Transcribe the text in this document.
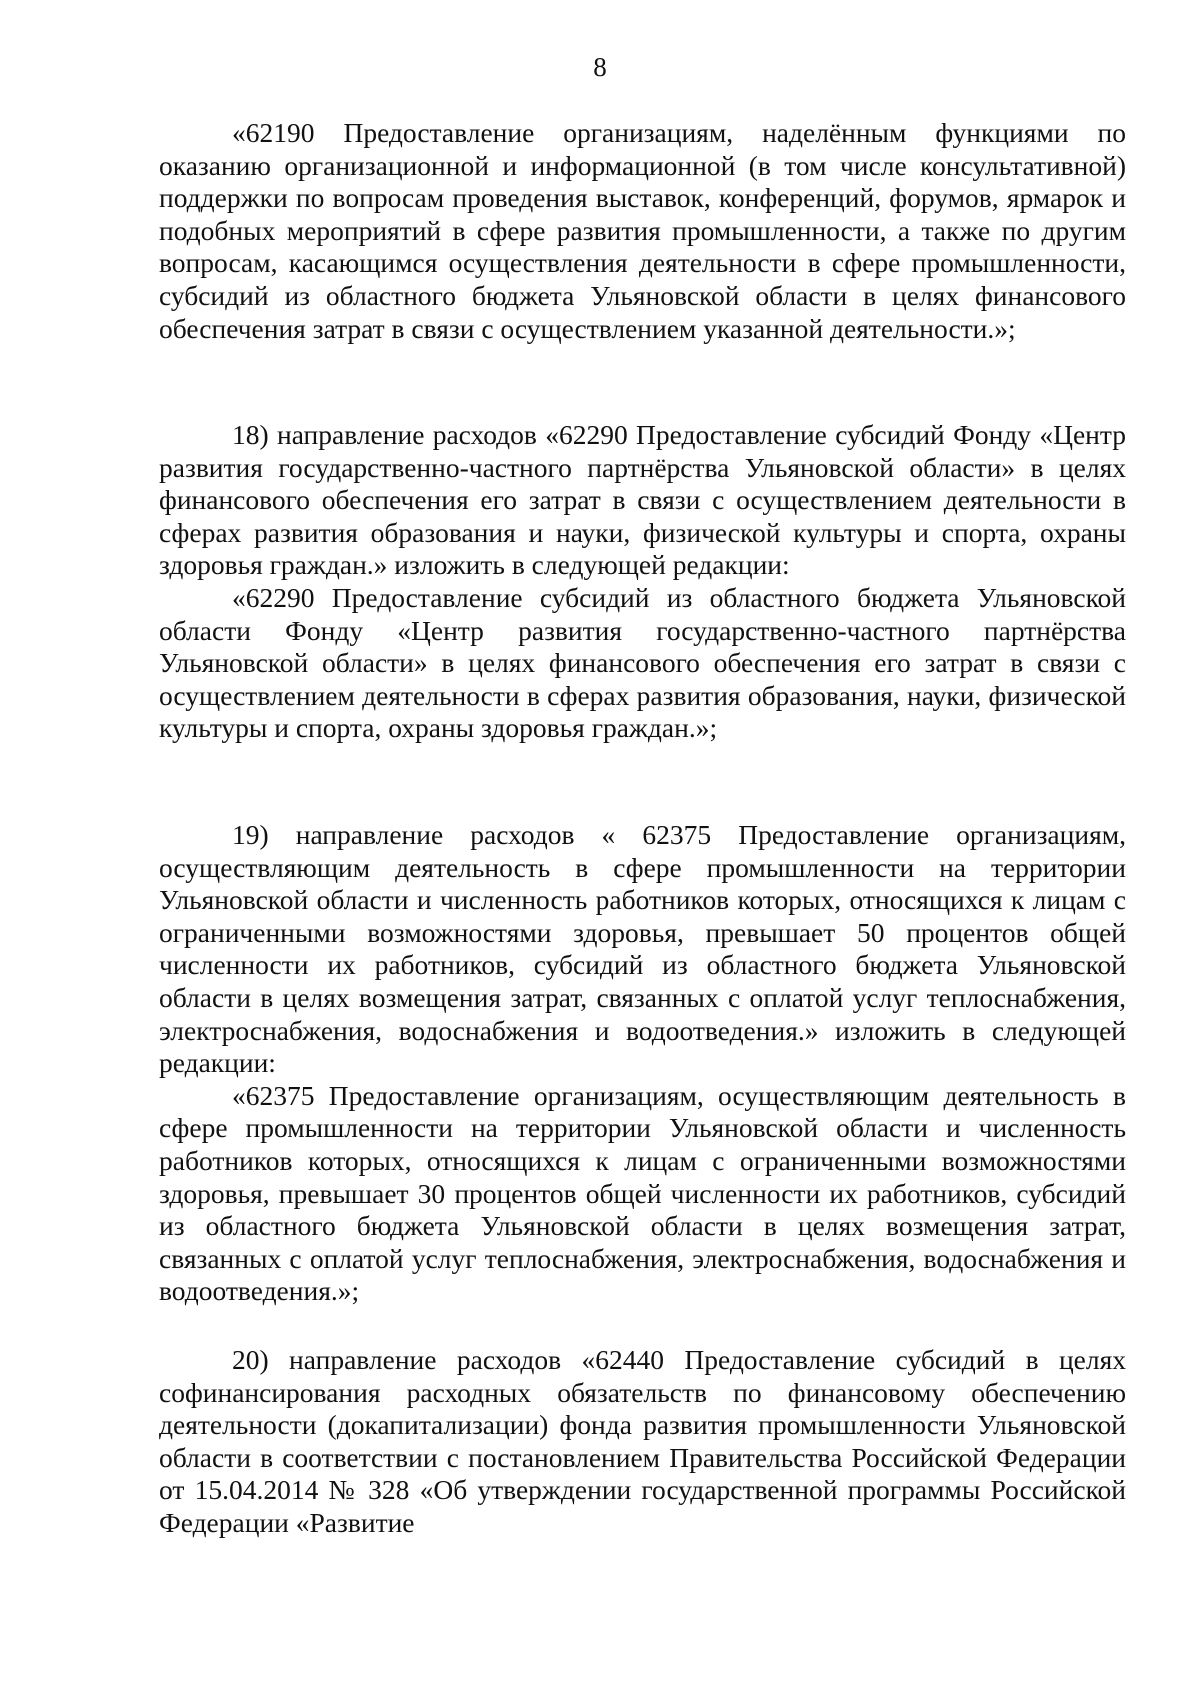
8

«62190 Предоставление организациям, наделённым функциями по оказанию организационной и информационной (в том числе консультативной) поддержки по вопросам проведения выставок, конференций, форумов, ярмарок и подобных мероприятий в сфере развития промышленности, а также по другим вопросам, касающимся осуществления деятельности в сфере промышленности, субсидий из областного бюджета Ульяновской области в целях финансового обеспечения затрат в связи с осуществлением указанной деятельности.»;

18) направление расходов «62290 Предоставление субсидий Фонду «Центр развития государственно-частного партнёрства Ульяновской области» в целях финансового обеспечения его затрат в связи с осуществлением деятельности в сферах развития образования и науки, физической культуры и спорта, охраны здоровья граждан.» изложить в следующей редакции:

«62290 Предоставление субсидий из областного бюджета Ульяновской области Фонду «Центр развития государственно-частного партнёрства Ульяновской области» в целях финансового обеспечения его затрат в связи с осуществлением деятельности в сферах развития образования, науки, физической культуры и спорта, охраны здоровья граждан.»;

19) направление расходов « 62375 Предоставление организациям, осуществляющим деятельность в сфере промышленности на территории Ульяновской области и численность работников которых, относящихся к лицам с ограниченными возможностями здоровья, превышает 50 процентов общей численности их работников, субсидий из областного бюджета Ульяновской области в целях возмещения затрат, связанных с оплатой услуг теплоснабжения, электроснабжения, водоснабжения и водоотведения.» изложить в следующей редакции:

«62375 Предоставление организациям, осуществляющим деятельность в сфере промышленности на территории Ульяновской области и численность работников которых, относящихся к лицам с ограниченными возможностями здоровья, превышает 30 процентов общей численности их работников, субсидий из областного бюджета Ульяновской области в целях возмещения затрат, связанных с оплатой услуг теплоснабжения, электроснабжения, водоснабжения и водоотведения.»;

20) направление расходов «62440 Предоставление субсидий в целях софинансирования расходных обязательств по финансовому обеспечению деятельности (докапитализации) фонда развития промышленности Ульяновской области в соответствии с постановлением Правительства Российской Федерации от 15.04.2014 № 328 «Об утверждении государственной программы Российской Федерации «Развитие
